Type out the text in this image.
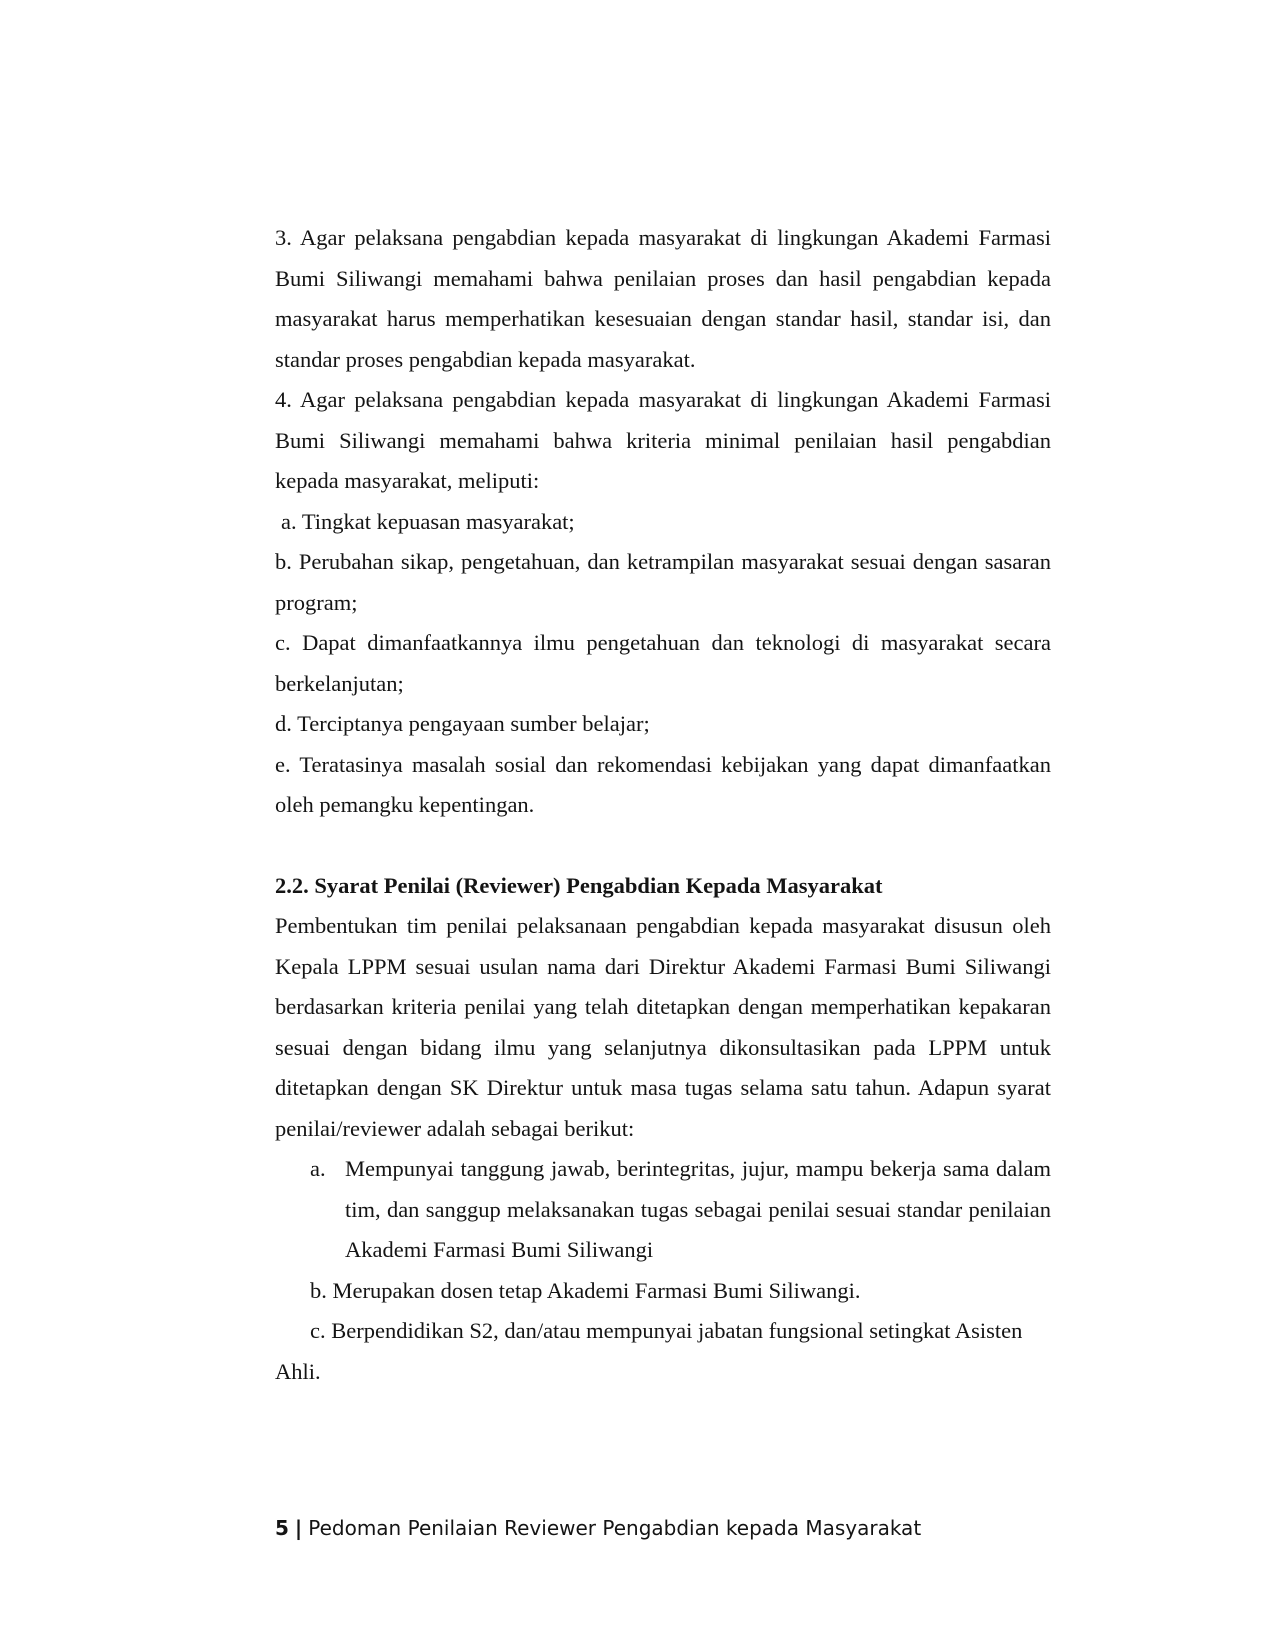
3. Agar pelaksana pengabdian kepada masyarakat di lingkungan Akademi Farmasi Bumi Siliwangi memahami bahwa penilaian proses dan hasil pengabdian kepada masyarakat harus memperhatikan kesesuaian dengan standar hasil, standar isi, dan standar proses pengabdian kepada masyarakat.

4. Agar pelaksana pengabdian kepada masyarakat di lingkungan Akademi Farmasi Bumi Siliwangi memahami bahwa kriteria minimal penilaian hasil pengabdian kepada masyarakat, meliputi:

a. Tingkat kepuasan masyarakat;

b. Perubahan sikap, pengetahuan, dan ketrampilan masyarakat sesuai dengan sasaran program;

c. Dapat dimanfaatkannya ilmu pengetahuan dan teknologi di masyarakat secara berkelanjutan;

d. Terciptanya pengayaan sumber belajar;

e. Teratasinya masalah sosial dan rekomendasi kebijakan yang dapat dimanfaatkan oleh pemangku kepentingan.

2.2. Syarat Penilai (Reviewer) Pengabdian Kepada Masyarakat

Pembentukan tim penilai pelaksanaan pengabdian kepada masyarakat disusun oleh Kepala LPPM sesuai usulan nama dari Direktur Akademi Farmasi Bumi Siliwangi berdasarkan kriteria penilai yang telah ditetapkan dengan memperhatikan kepakaran sesuai dengan bidang ilmu yang selanjutnya dikonsultasikan pada LPPM untuk ditetapkan dengan SK Direktur untuk masa tugas selama satu tahun. Adapun syarat penilai/reviewer adalah sebagai berikut:

a. Mempunyai tanggung jawab, berintegritas, jujur, mampu bekerja sama dalam tim, dan sanggup melaksanakan tugas sebagai penilai sesuai standar penilaian Akademi Farmasi Bumi Siliwangi

b. Merupakan dosen tetap Akademi Farmasi Bumi Siliwangi.

c. Berpendidikan S2, dan/atau mempunyai jabatan fungsional setingkat Asisten Ahli.

5 | Pedoman Penilaian Reviewer Pengabdian kepada Masyarakat
